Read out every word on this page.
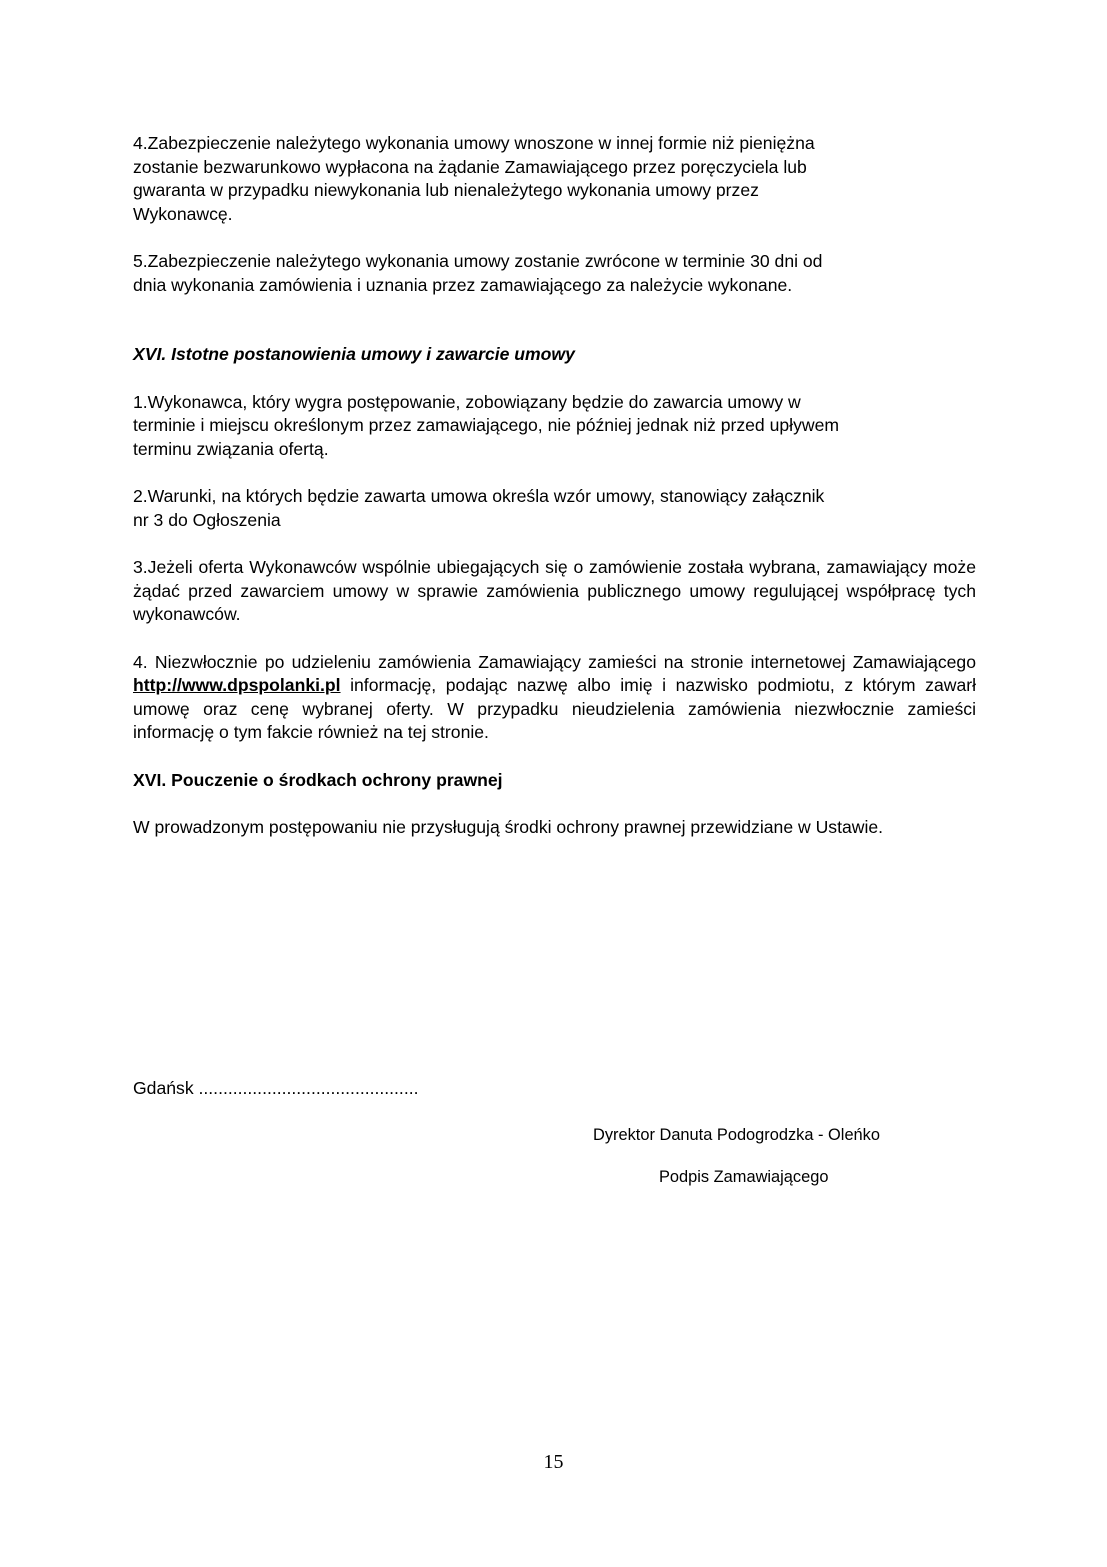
4.Zabezpieczenie należytego wykonania umowy wnoszone w innej formie niż pieniężna
zostanie bezwarunkowo wypłacona na żądanie Zamawiającego przez poręczyciela lub
gwaranta w przypadku niewykonania lub nienależytego wykonania umowy przez
Wykonawcę.

5.Zabezpieczenie należytego wykonania umowy zostanie zwrócone w terminie 30 dni od
dnia wykonania zamówienia i uznania przez zamawiającego za należycie wykonane.

XVI. Istotne postanowienia umowy i zawarcie umowy

1.Wykonawca, który wygra postępowanie, zobowiązany będzie do zawarcia umowy w
terminie i miejscu określonym przez zamawiającego, nie później jednak niż przed upływem
terminu związania ofertą.

2.Warunki, na których będzie zawarta umowa określa wzór umowy, stanowiący załącznik
nr 3 do Ogłoszenia

3.Jeżeli oferta Wykonawców wspólnie ubiegających się o zamówienie została wybrana, zamawiający może żądać przed zawarciem umowy w sprawie zamówienia publicznego umowy regulującej współpracę tych wykonawców.

4. Niezwłocznie po udzieleniu zamówienia Zamawiający zamieści na stronie internetowej Zamawiającego http://www.dpspolanki.pl informację, podając nazwę albo imię i nazwisko podmiotu, z którym zawarł umowę oraz cenę wybranej oferty. W przypadku nieudzielenia zamówienia niezwłocznie zamieści informację o tym fakcie również na tej stronie.

XVI. Pouczenie o środkach ochrony prawnej

W prowadzonym postępowaniu nie przysługują środki ochrony prawnej przewidziane w Ustawie.

Gdańsk .............................................
Dyrektor Danuta Podogrodzka - Oleńko
Podpis Zamawiającego
15
